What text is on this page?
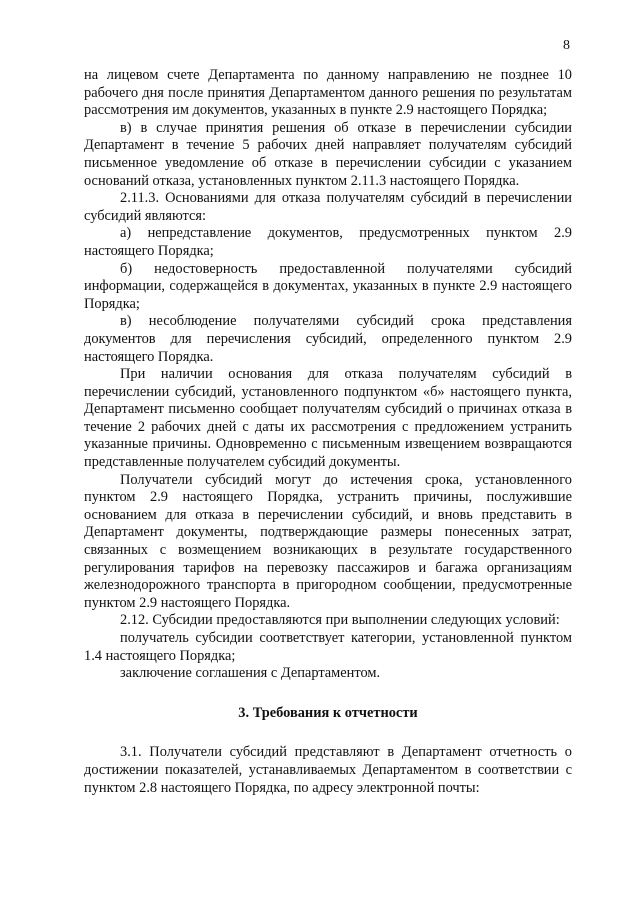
8

на лицевом счете Департамента по данному направлению не позднее 10 рабочего дня после принятия Департаментом данного решения по результатам рассмотрения им документов, указанных в пункте 2.9 настоящего Порядка;

в) в случае принятия решения об отказе в перечислении субсидии Департамент в течение 5 рабочих дней направляет получателям субсидий письменное уведомление об отказе в перечислении субсидии с указанием оснований отказа, установленных пунктом 2.11.3 настоящего Порядка.

2.11.3. Основаниями для отказа получателям субсидий в перечислении субсидий являются:

а) непредставление документов, предусмотренных пунктом 2.9 настоящего Порядка;

б) недостоверность предоставленной получателями субсидий информации, содержащейся в документах, указанных в пункте 2.9 настоящего Порядка;

в) несоблюдение получателями субсидий срока представления документов для перечисления субсидий, определенного пунктом 2.9 настоящего Порядка.

При наличии основания для отказа получателям субсидий в перечислении субсидий, установленного подпунктом «б» настоящего пункта, Департамент письменно сообщает получателям субсидий о причинах отказа в течение 2 рабочих дней с даты их рассмотрения с предложением устранить указанные причины. Одновременно с письменным извещением возвращаются представленные получателем субсидий документы.

Получатели субсидий могут до истечения срока, установленного пунктом 2.9 настоящего Порядка, устранить причины, послужившие основанием для отказа в перечислении субсидий, и вновь представить в Департамент документы, подтверждающие размеры понесенных затрат, связанных с возмещением возникающих в результате государственного регулирования тарифов на перевозку пассажиров и багажа организациям железнодорожного транспорта в пригородном сообщении, предусмотренные пунктом 2.9 настоящего Порядка.

2.12. Субсидии предоставляются при выполнении следующих условий:

получатель субсидии соответствует категории, установленной пунктом 1.4 настоящего Порядка;

заключение соглашения с Департаментом.

3. Требования к отчетности

3.1. Получатели субсидий представляют в Департамент отчетность о достижении показателей, устанавливаемых Департаментом в соответствии с пунктом 2.8 настоящего Порядка, по адресу электронной почты:
